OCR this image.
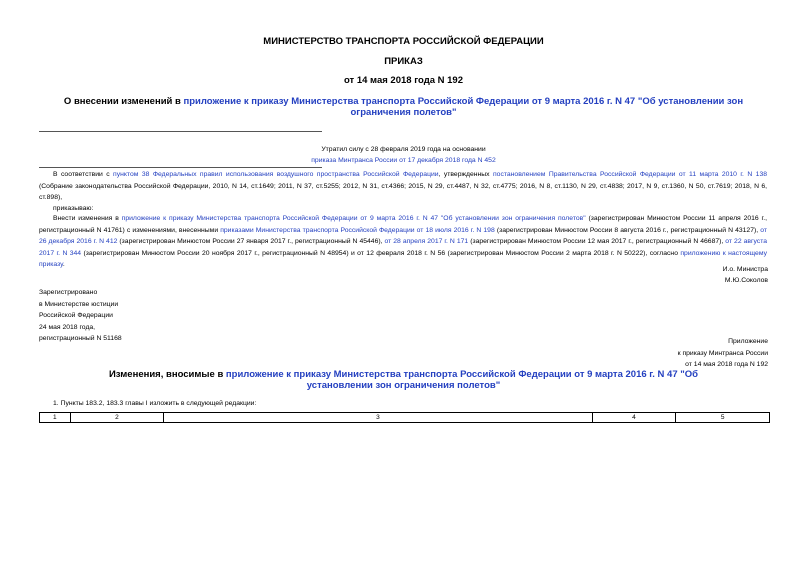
МИНИСТЕРСТВО ТРАНСПОРТА РОССИЙСКОЙ ФЕДЕРАЦИИ
ПРИКАЗ
от 14 мая 2018 года N 192
О внесении изменений в приложение к приказу Министерства транспорта Российской Федерации от 9 марта 2016 г. N 47 "Об установлении зон ограничения полетов"
Утратил силу с 28 февраля 2019 года на основании
приказа Минтранса России от 17 декабря 2018 года N 452
В соответствии с пунктом 38 Федеральных правил использования воздушного пространства Российской Федерации, утвержденных постановлением Правительства Российской Федерации от 11 марта 2010 г. N 138 (Собрание законодательства Российской Федерации, 2010, N 14, ст.1649; 2011, N 37, ст.5255; 2012, N 31, ст.4366; 2015, N 29, ст.4487, N 32, ст.4775; 2016, N 8, ст.1130, N 29, ст.4838; 2017, N 9, ст.1360, N 50, ст.7619; 2018, N 6, ст.898),
приказываю:
Внести изменения в приложение к приказу Министерства транспорта Российской Федерации от 9 марта 2016 г. N 47 "Об установлении зон ограничения полетов" (зарегистрирован Минюстом России 11 апреля 2016 г., регистрационный N 41761) с изменениями, внесенными приказами Министерства транспорта Российской Федерации от 18 июля 2016 г. N 198 (зарегистрирован Минюстом России 8 августа 2016 г., регистрационный N 43127), от 26 декабря 2016 г. N 412 (зарегистрирован Минюстом России 27 января 2017 г., регистрационный N 45446), от 28 апреля 2017 г. N 171 (зарегистрирован Минюстом России 12 мая 2017 г., регистрационный N 46687), от 22 августа 2017 г. N 344 (зарегистрирован Минюстом России 20 ноября 2017 г., регистрационный N 48954) и от 12 февраля 2018 г. N 56 (зарегистрирован Минюстом России 2 марта 2018 г. N 50222), согласно приложению к настоящему приказу.
И.о. Министра
М.Ю.Соколов
Зарегистрировано
в Министерстве юстиции
Российской Федерации
24 мая 2018 года,
регистрационный N 51168	Приложение
к приказу Минтранса России
от 14 мая 2018 года N 192
Изменения, вносимые в приложение к приказу Министерства транспорта Российской Федерации от 9 марта 2016 г. N 47 "Об установлении зон ограничения полетов"
1. Пункты 183.2, 183.3 главы I изложить в следующей редакции:
1	2	3	4	5
